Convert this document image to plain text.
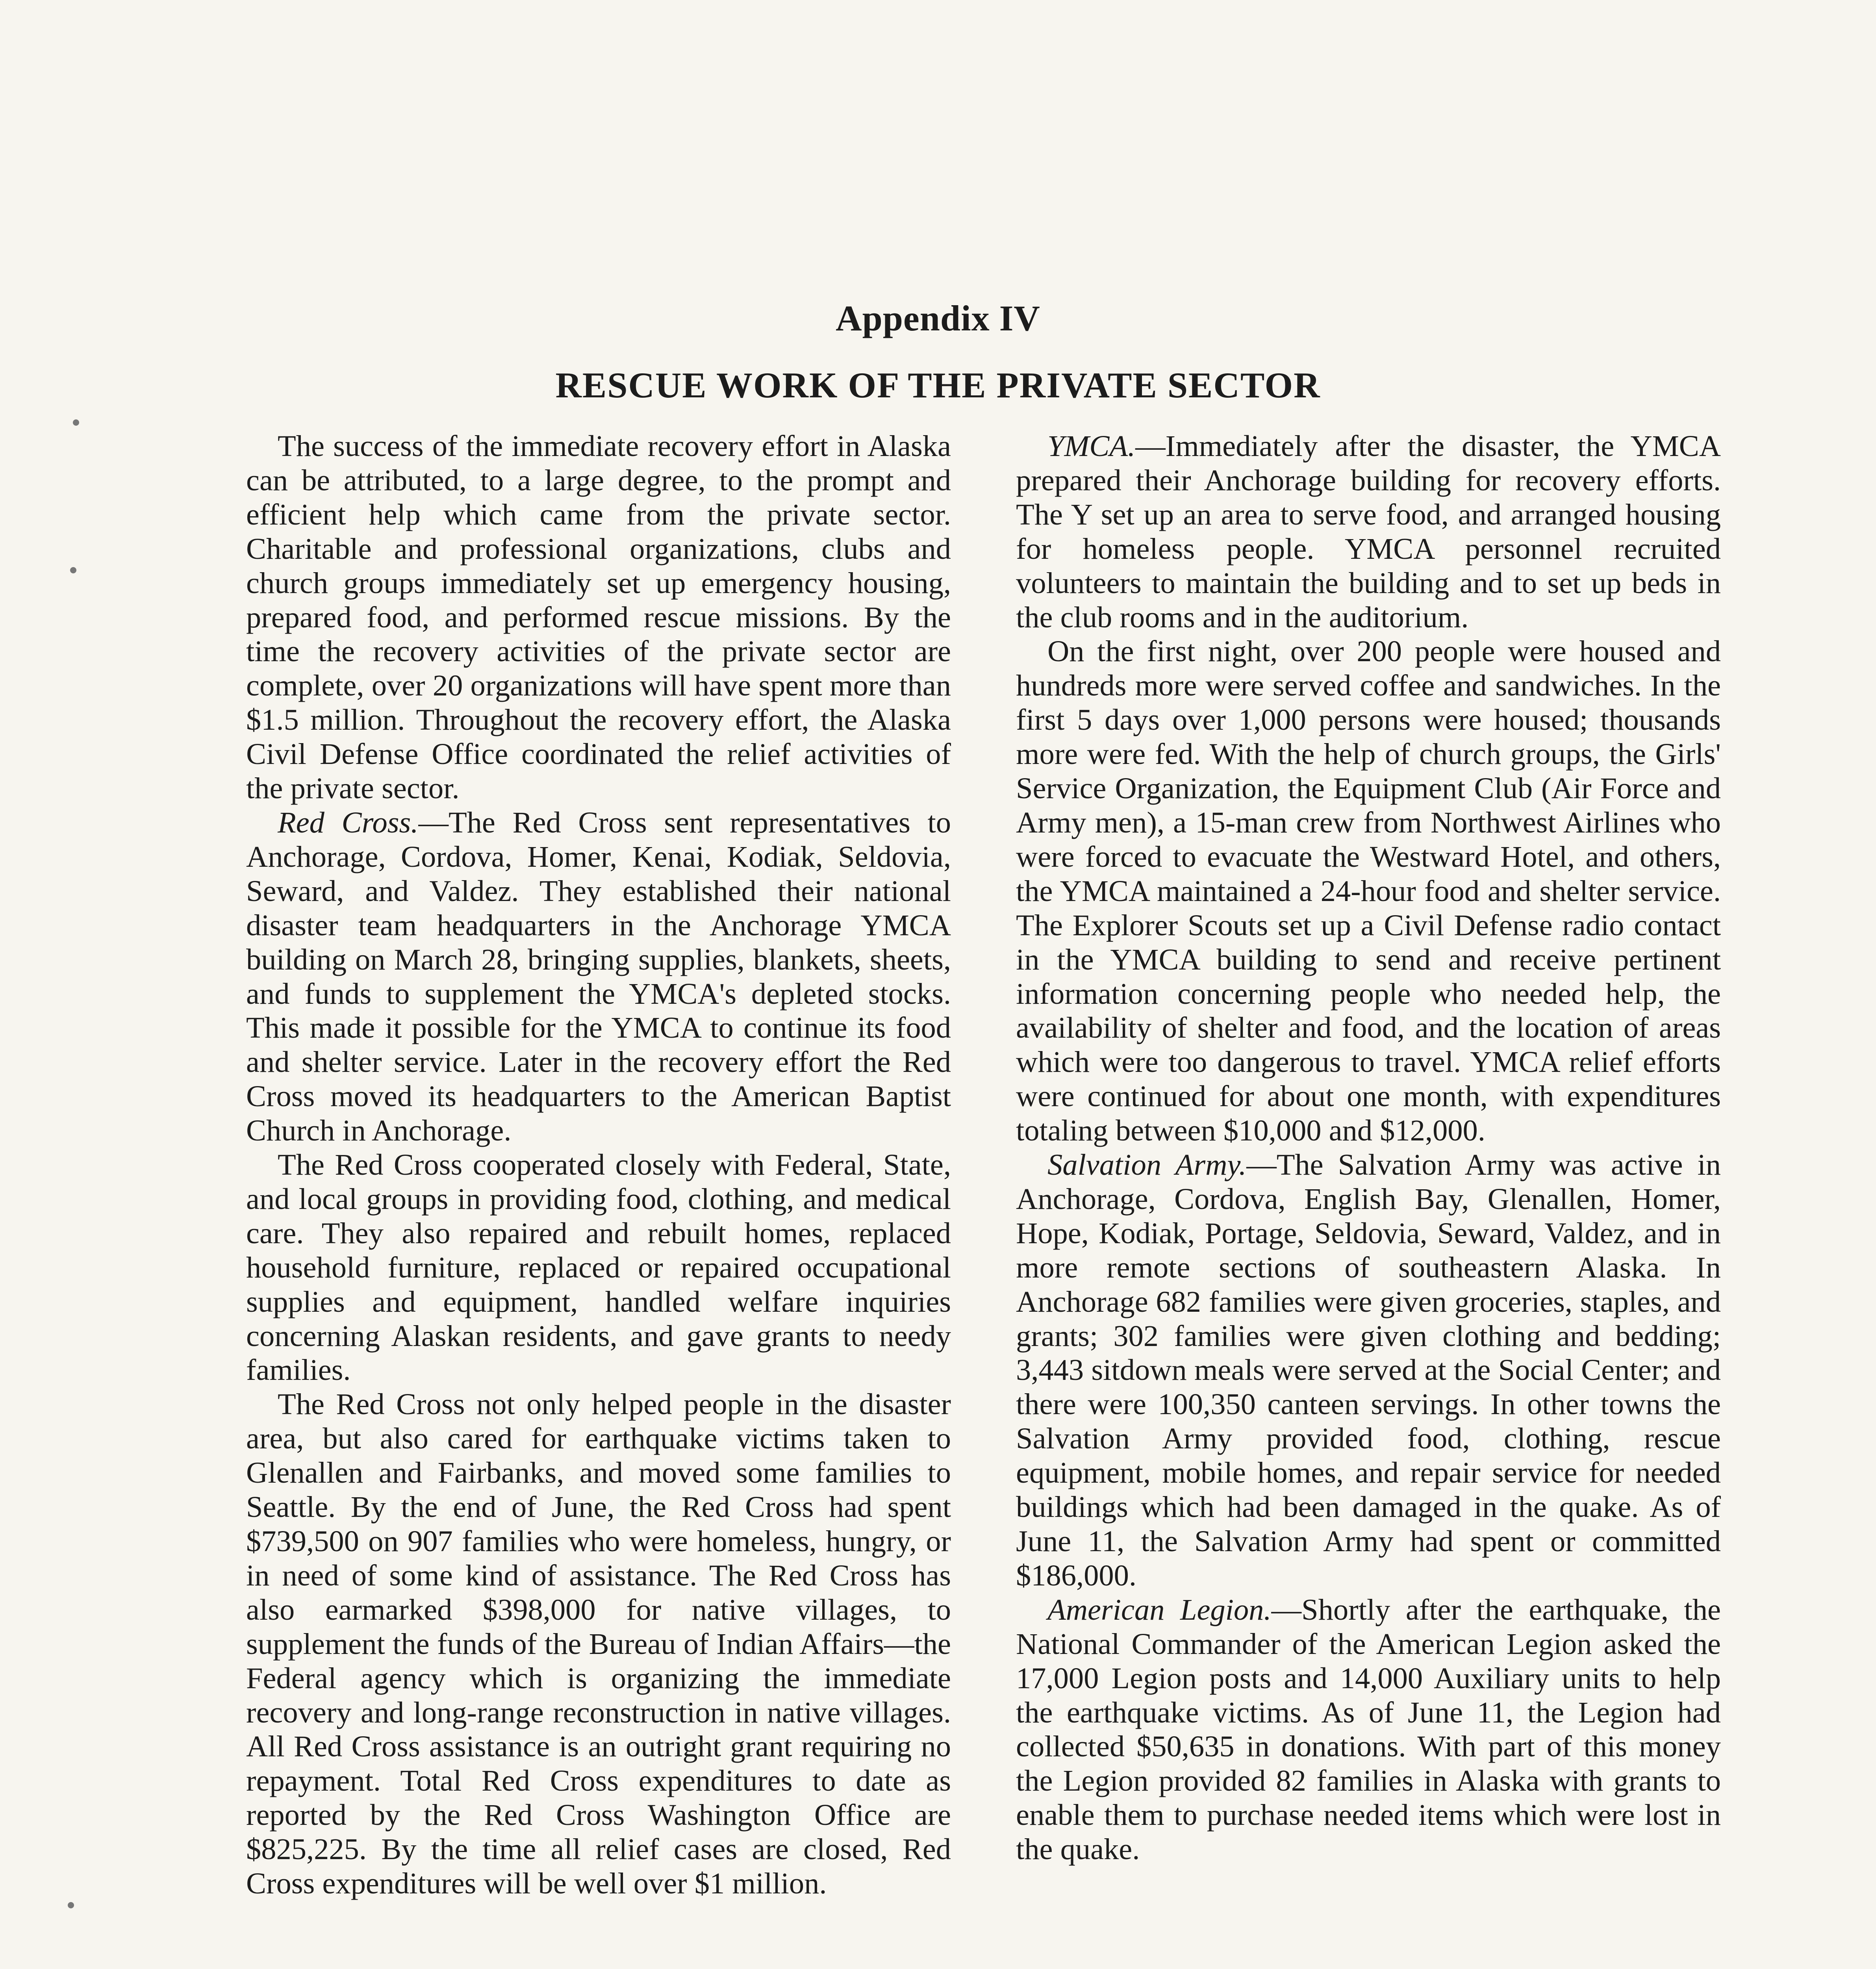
Appendix IV
RESCUE WORK OF THE PRIVATE SECTOR

The success of the immediate recovery effort in Alaska can be attributed, to a large degree, to the prompt and efficient help which came from the private sector. Charitable and professional organizations, clubs and church groups immediately set up emergency housing, prepared food, and performed rescue missions. By the time the recovery activities of the private sector are complete, over 20 organizations will have spent more than $1.5 million. Throughout the recovery effort, the Alaska Civil Defense Office coordinated the relief activities of the private sector.

Red Cross.—The Red Cross sent representatives to Anchorage, Cordova, Homer, Kenai, Kodiak, Seldovia, Seward, and Valdez. They established their national disaster team headquarters in the Anchorage YMCA building on March 28, bringing supplies, blankets, sheets, and funds to supplement the YMCA's depleted stocks. This made it possible for the YMCA to continue its food and shelter service. Later in the recovery effort the Red Cross moved its headquarters to the American Baptist Church in Anchorage.

The Red Cross cooperated closely with Federal, State, and local groups in providing food, clothing, and medical care. They also repaired and rebuilt homes, replaced household furniture, replaced or repaired occupational supplies and equipment, handled welfare inquiries concerning Alaskan residents, and gave grants to needy families.

The Red Cross not only helped people in the disaster area, but also cared for earthquake victims taken to Glenallen and Fairbanks, and moved some families to Seattle. By the end of June, the Red Cross had spent $739,500 on 907 families who were homeless, hungry, or in need of some kind of assistance. The Red Cross has also earmarked $398,000 for native villages, to supplement the funds of the Bureau of Indian Affairs—the Federal agency which is organizing the immediate recovery and long-range reconstruction in native villages. All Red Cross assistance is an outright grant requiring no repayment. Total Red Cross expenditures to date as reported by the Red Cross Washington Office are $825,225. By the time all relief cases are closed, Red Cross expenditures will be well over $1 million.

YMCA.—Immediately after the disaster, the YMCA prepared their Anchorage building for recovery efforts. The Y set up an area to serve food, and arranged housing for homeless people. YMCA personnel recruited volunteers to maintain the building and to set up beds in the club rooms and in the auditorium.

On the first night, over 200 people were housed and hundreds more were served coffee and sandwiches. In the first 5 days over 1,000 persons were housed; thousands more were fed. With the help of church groups, the Girls' Service Organization, the Equipment Club (Air Force and Army men), a 15-man crew from Northwest Airlines who were forced to evacuate the Westward Hotel, and others, the YMCA maintained a 24-hour food and shelter service. The Explorer Scouts set up a Civil Defense radio contact in the YMCA building to send and receive pertinent information concerning people who needed help, the availability of shelter and food, and the location of areas which were too dangerous to travel. YMCA relief efforts were continued for about one month, with expenditures totaling between $10,000 and $12,000.

Salvation Army.—The Salvation Army was active in Anchorage, Cordova, English Bay, Glenallen, Homer, Hope, Kodiak, Portage, Seldovia, Seward, Valdez, and in more remote sections of southeastern Alaska. In Anchorage 682 families were given groceries, staples, and grants; 302 families were given clothing and bedding; 3,443 sitdown meals were served at the Social Center; and there were 100,350 canteen servings. In other towns the Salvation Army provided food, clothing, rescue equipment, mobile homes, and repair service for needed buildings which had been damaged in the quake. As of June 11, the Salvation Army had spent or committed $186,000.

American Legion.—Shortly after the earthquake, the National Commander of the American Legion asked the 17,000 Legion posts and 14,000 Auxiliary units to help the earthquake victims. As of June 11, the Legion had collected $50,635 in donations. With part of this money the Legion provided 82 families in Alaska with grants to enable them to purchase needed items which were lost in the quake.
